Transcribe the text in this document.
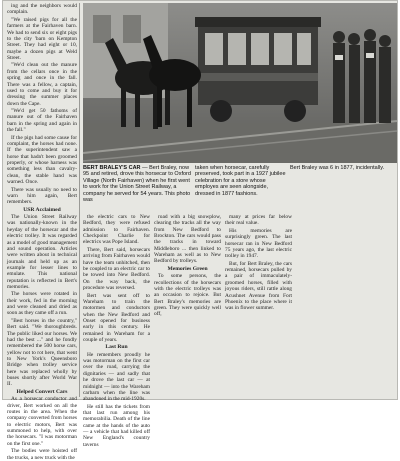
ing and the neighbors would complain.

"We raised pigs for all the farmers at the Fairhaven barn. We had to send six or eight pigs to the city 'barn on Kempton Street. They had eight or 10, maybe a dozen pigs at Weld Street.

"We'd clean out the manure from the cellars once in the spring and once in the fall. There was a fellow, a captain, used to come and buy it for dressing the summer places down the Cape.

"We'd get 50 fathoms of manure out of the Fairhaven barn in the spring and again in the fall."

If the pigs had some cause for complaint, the horses had none. If the superintendent saw a horse that hadn't been groomed properly, or whose harness was something less than cavalry-clean, the stable hand was warned. Once.

There was usually no need to warn him again, Bert remembers.

USR Acclaimed

The Union Street Railway was nationally-known in the heyday of the horsecar and the electric trolley. It was regarded as a model of good management and sound operation. Articles were written about in technical journals and held up as an example for lesser lines to emulate. This national reputation is reflected in Bert's memories.

The horses were rotated in their work, fed in the morning and were cleaned and dried as soon as they came off a run.

"Best horses in the country," Bert said. "We thoroughbreds. The public liked our horses. We had the best ..." and he fondly remembered the 500 horse cars, yellow not to rot here, that went to New York's Queensboro Bridge when trolley service here was replaced wholly by buses shortly after World War II.

Helped Convert Cars

As a horsecar conductor and driver, Bert worked on all the routes in the area. When the company converted from horses to electric motors, Bert was summoned to help, with over the horsecars. "I was motorman on the first one."

The bodies were hoisted off the trucks, a new truck with the

BERT BRALEY'S CAR — Bert Braley, now 95 and retired, drove this horsecar to Oxford Village (North Fairhaven) when he first went to work for the Union Street Railway, a company he served for 54 years. This photo was
taken when horsecar, carefully preserved, took part in a 1927 jubilee celebration for a store whose employes are seen alongside, dressed in 1877 fashions.
Bert Braley was 6 in 1877, incidentally.

the electric cars to New Bedford, they were refused admission to Fairhaven. Checkpoint Charlie for electrics was Pope Island.

There, Bert said, horsecars arriving from Fairhaven would have the team unhitched, then be coupled to an electric car to be towed into New Bedford. On the way back, the procedure was reversed.

Bert was sent off to Wareham to train the motormen and conductors when the New Bedford and Onset opened for business early in this century. He remained in Wareham for a couple of years.

Last Run

He remembers proudly he was motorman on the first car over the road, carrying the dignitaries — and sadly that he drove the last car — at midnight — into the Wareham carbarn when the line was abandoned in the mid-1920s.

He still has the tickets from that last run among his memorabilia. Death of the line came at the hands of the auto — a vehicle that had killed off New England's country taverns

road with a big snowplow, clearing the tracks all the way from New Bedford to Brockton. The cars would pass the tracks in toward Middleboro ... then linked to Wareham as well as to New Bedford by trolleys.

Memories Green

To some persons, the recollections of the horsecars with the electric trolleys was an occasion to rejoice. But Bert Braley's memories are green. They were quickly well off,

many at prices far below their real value.

His memories are surprisingly green. The last horsecar ran in New Bedford 75 years ago, the last electric trolley in 1947.

But, for Bert Braley, the cars remained, horsecars pulled by a pair of immaculately-groomed horses, filled with joyous riders, still rattle along Acushnet Avenue from Fort Phoenix to the place where it was in flower summer.
